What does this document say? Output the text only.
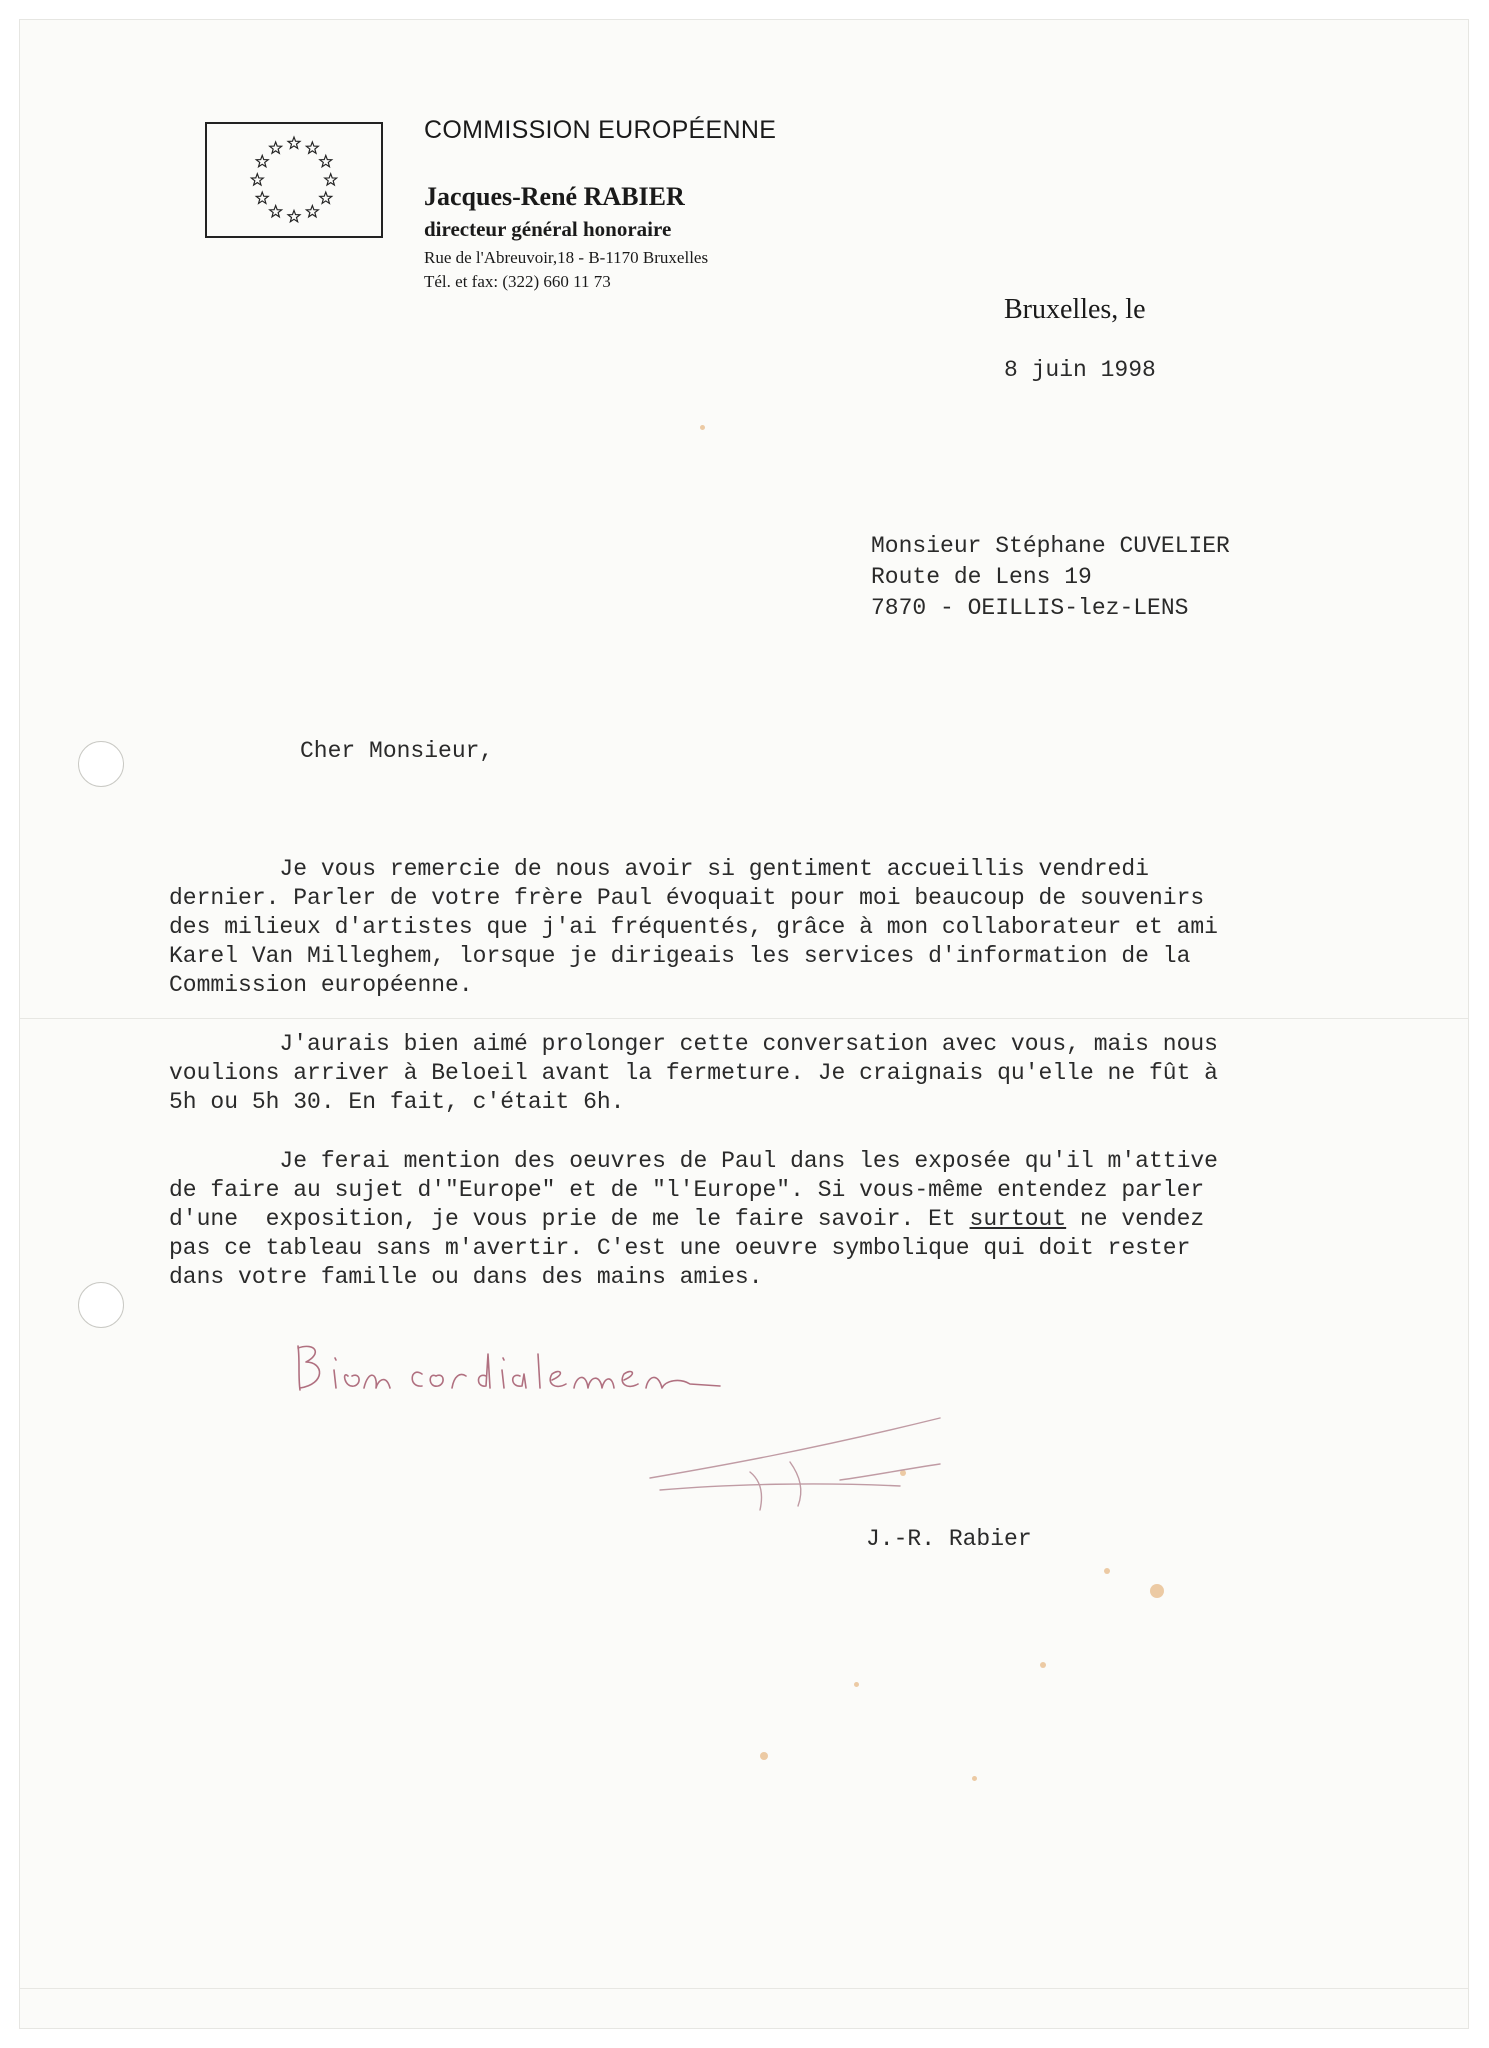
COMMISSION EUROPÉENNE
Jacques-René RABIER
directeur général honoraire
Rue de l'Abreuvoir,18 - B-1170 Bruxelles
Tél. et fax: (322) 660 11 73
Bruxelles, le
8 juin 1998
Monsieur Stéphane CUVELIER
Route de Lens 19
7870 - OEILLIS-lez-LENS
Cher Monsieur,
Je vous remercie de nous avoir si gentiment accueillis vendredi
dernier. Parler de votre frère Paul évoquait pour moi beaucoup de souvenirs
des milieux d'artistes que j'ai fréquentés, grâce à mon collaborateur et ami
Karel Van Milleghem, lorsque je dirigeais les services d'information de la
Commission européenne.
J'aurais bien aimé prolonger cette conversation avec vous, mais nous
voulions arriver à Beloeil avant la fermeture. Je craignais qu'elle ne fût à
5h ou 5h 30. En fait, c'était 6h.
Je ferai mention des oeuvres de Paul dans les exposée qu'il m'attive
de faire au sujet d'"Europe" et de "l'Europe". Si vous-même entendez parler
d'une  exposition, je vous prie de me le faire savoir. Et surtout ne vendez
pas ce tableau sans m'avertir. C'est une oeuvre symbolique qui doit rester
dans votre famille ou dans des mains amies.
J.-R. Rabier
